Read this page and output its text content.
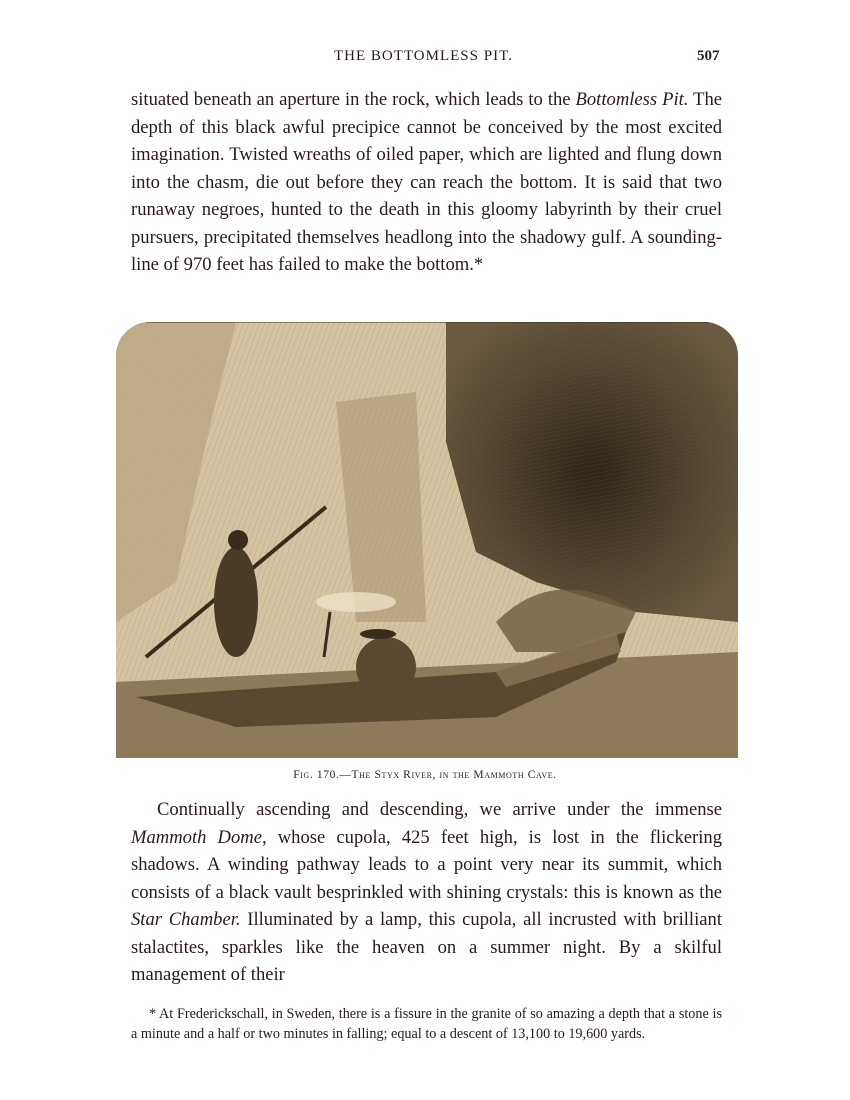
THE BOTTOMLESS PIT.	507
situated beneath an aperture in the rock, which leads to the Bottomless Pit. The depth of this black awful precipice cannot be conceived by the most excited imagination. Twisted wreaths of oiled paper, which are lighted and flung down into the chasm, die out before they can reach the bottom. It is said that two runaway negroes, hunted to the death in this gloomy labyrinth by their cruel pursuers, precipitated themselves headlong into the shadowy gulf. A sounding-line of 970 feet has failed to make the bottom.*
Fig. 170.—The Styx River, in the Mammoth Cave.
Continually ascending and descending, we arrive under the immense Mammoth Dome, whose cupola, 425 feet high, is lost in the flickering shadows. A winding pathway leads to a point very near its summit, which consists of a black vault besprinkled with shining crystals: this is known as the Star Chamber. Illuminated by a lamp, this cupola, all incrusted with brilliant stalactites, sparkles like the heaven on a summer night. By a skilful management of their
* At Frederickschall, in Sweden, there is a fissure in the granite of so amazing a depth that a stone is a minute and a half or two minutes in falling; equal to a descent of 13,100 to 19,600 yards.
